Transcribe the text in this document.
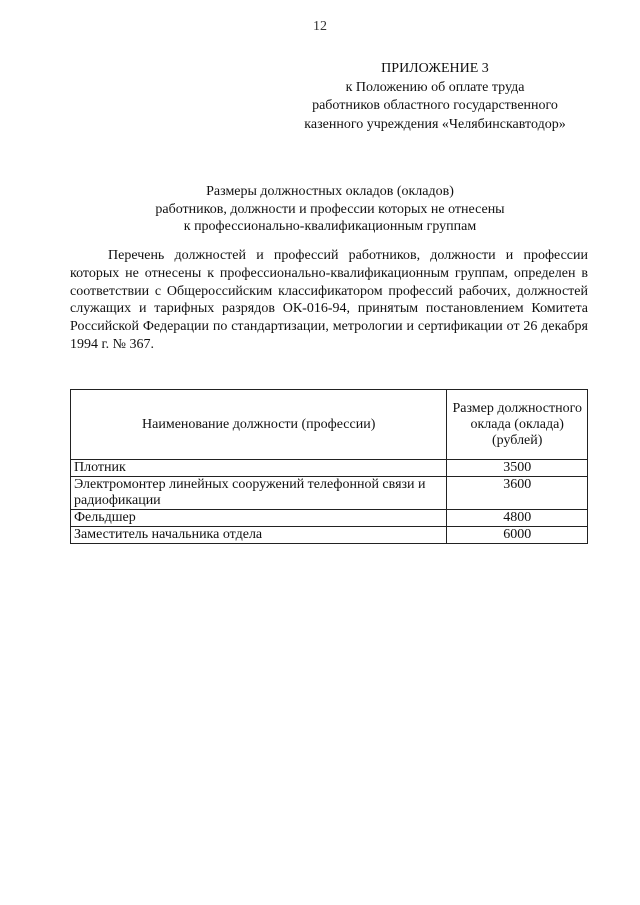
12
ПРИЛОЖЕНИЕ 3
к Положению об оплате труда
работников областного государственного
казенного учреждения «Челябинскавтодор»
Размеры должностных окладов (окладов)
работников, должности и профессии которых не отнесены
к профессионально-квалификационным группам

Перечень должностей и профессий работников, должности и профессии которых не отнесены к профессионально-квалификационным группам, определен в соответствии с Общероссийским классификатором профессий рабочих, должностей служащих и тарифных разрядов ОК-016-94, принятым постановлением Комитета Российской Федерации по стандартизации, метрологии и сертификации от 26 декабря 1994 г. № 367.

Наименование должности (профессии)	Размер должностного оклада (оклада) (рублей)
Плотник	3500
Электромонтер линейных сооружений телефонной связи и радиофикации	3600
Фельдшер	4800
Заместитель начальника отдела	6000
